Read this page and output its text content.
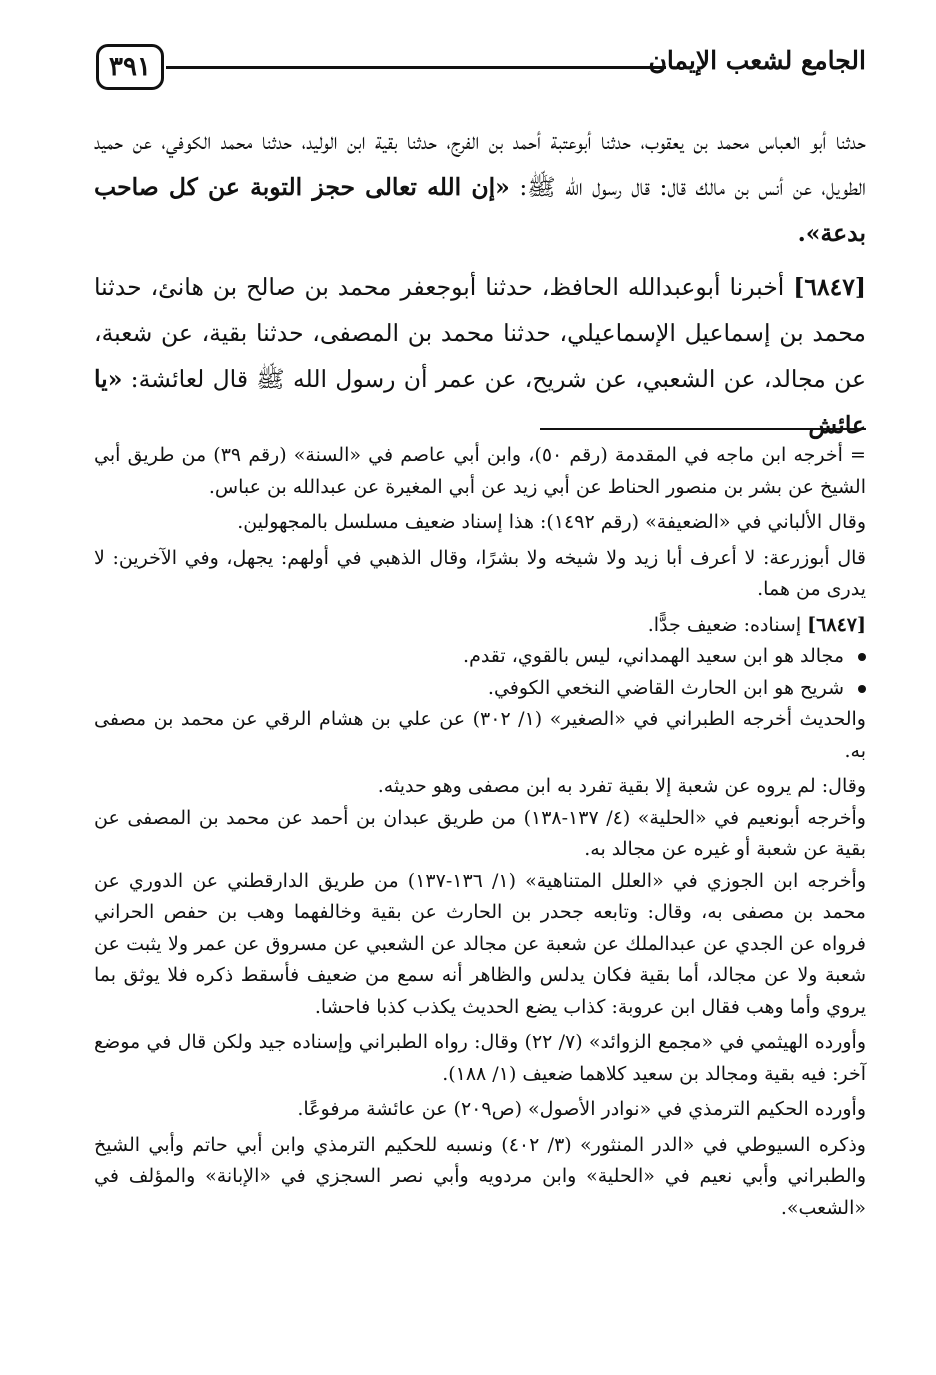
٣٩١	الجامع لشعب الإيمان

حدثنا أبو العباس محمد بن يعقوب، حدثنا أبوعتبة أحمد بن الفرج، حدثنا بقية ابن الوليد، حدثنا محمد الكوفي، عن حميد الطويل، عن أنس بن مالك قال: قال رسول الله ﷺ: «إن الله تعالى حجز التوبة عن كل صاحب بدعة».

[٦٨٤٧] أخبرنا أبوعبدالله الحافظ، حدثنا أبوجعفر محمد بن صالح بن هانئ، حدثنا محمد بن إسماعيل الإسماعيلي، حدثنا محمد بن المصفى، حدثنا بقية، عن شعبة، عن مجالد، عن الشعبي، عن شريح، عن عمر أن رسول الله ﷺ قال لعائشة: «يا عائش

= أخرجه ابن ماجه في المقدمة (رقم ٥٠)، وابن أبي عاصم في «السنة» (رقم ٣٩) من طريق أبي الشيخ عن بشر بن منصور الحناط عن أبي زيد عن أبي المغيرة عن عبدالله بن عباس.

وقال الألباني في «الضعيفة» (رقم ١٤٩٢): هذا إسناد ضعيف مسلسل بالمجهولين.

قال أبوزرعة: لا أعرف أبا زيد ولا شيخه ولا بشرًا، وقال الذهبي في أولهم: يجهل، وفي الآخرين: لا يدرى من هما.

[٦٨٤٧] إسناده: ضعيف جدًّا.

مجالد هو ابن سعيد الهمداني، ليس بالقوي، تقدم.

شريح هو ابن الحارث القاضي النخعي الكوفي.

والحديث أخرجه الطبراني في «الصغير» (١/ ٣٠٢) عن علي بن هشام الرقي عن محمد بن مصفى به.

وقال: لم يروه عن شعبة إلا بقية تفرد به ابن مصفى وهو حديثه.

وأخرجه أبونعيم في «الحلية» (٤/ ١٣٧-١٣٨) من طريق عبدان بن أحمد عن محمد بن المصفى عن بقية عن شعبة أو غيره عن مجالد به.

وأخرجه ابن الجوزي في «العلل المتناهية» (١/ ١٣٦-١٣٧) من طريق الدارقطني عن الدوري عن محمد بن مصفى به، وقال: وتابعه جحدر بن الحارث عن بقية وخالفهما وهب بن حفص الحراني فرواه عن الجدي عن عبدالملك عن شعبة عن مجالد عن الشعبي عن مسروق عن عمر ولا يثبت عن شعبة ولا عن مجالد، أما بقية فكان يدلس والظاهر أنه سمع من ضعيف فأسقط ذكره فلا يوثق بما يروي وأما وهب فقال ابن عروبة: كذاب يضع الحديث يكذب كذبا فاحشا.

وأورده الهيثمي في «مجمع الزوائد» (٧/ ٢٢) وقال: رواه الطبراني وإسناده جيد ولكن قال في موضع آخر: فيه بقية ومجالد بن سعيد كلاهما ضعيف (١/ ١٨٨).

وأورده الحكيم الترمذي في «نوادر الأصول» (ص٢٠٩) عن عائشة مرفوعًا.

وذكره السيوطي في «الدر المنثور» (٣/ ٤٠٢) ونسبه للحكيم الترمذي وابن أبي حاتم وأبي الشيخ والطبراني وأبي نعيم في «الحلية» وابن مردويه وأبي نصر السجزي في «الإبانة» والمؤلف في «الشعب».
